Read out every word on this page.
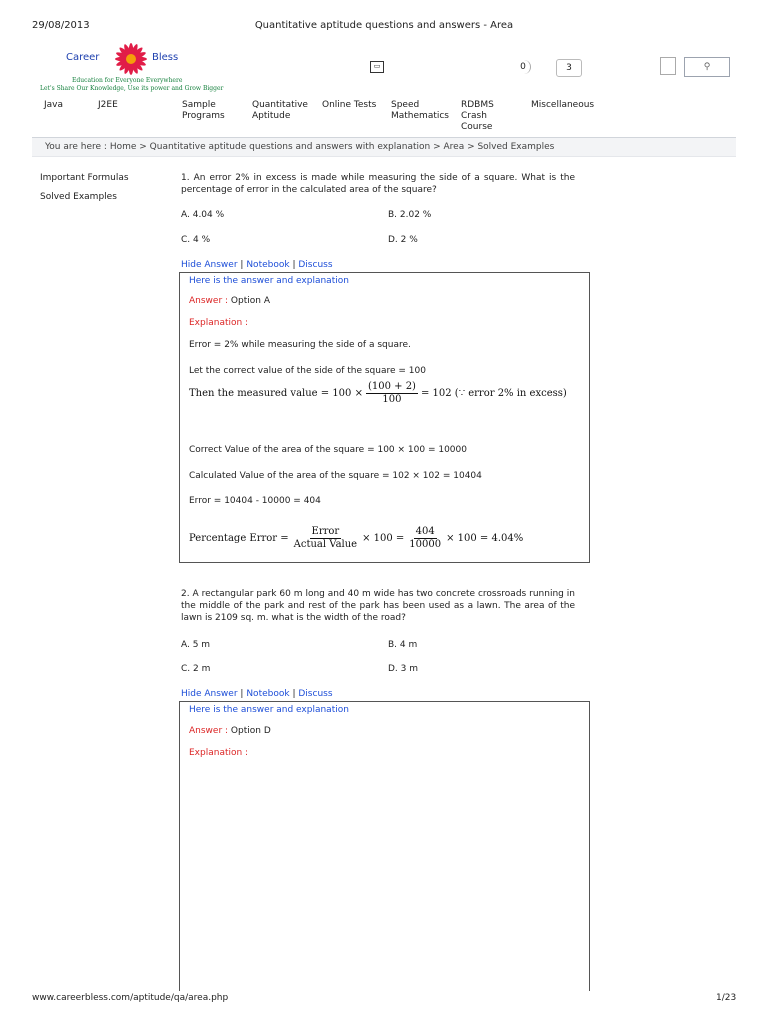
29/08/2013	Quantitative aptitude questions and answers - Area
www.careerbless.com/aptitude/qa/area.php	1/23
Career	Bless
Education for Everyone Everywhere
Let's Share Our Knowledge, Use its power and Grow Bigger
▭	0	3	⚲
Java	J2EE	Sample Programs
Quantitative Aptitude
Online Tests Speed Mathematics
RDBMS Crash Course
Miscellaneous
You are here : Home > Quantitative aptitude questions and answers with explanation > Area > Solved Examples
Important Formulas
Solved Examples
1. An error 2% in excess is made while measuring the side of a square. What is the percentage of error in the calculated area of the square?
A. 4.04 %	B. 2.02 %
C. 4 %	D. 2 %
Hide Answer | Notebook | Discuss
Here is the answer and explanation
Answer : Option A
Explanation :
Error = 2% while measuring the side of a square.
Let the correct value of the side of the square = 100
Then the measured value = $100 \times \frac{(100 + 2)}{100} = 102$ (∵ error 2% in excess)
Correct Value of the area of the square = 100 × 100 = 10000
Calculated Value of the area of the square = 102 × 102 = 10404
Error = 10404 - 10000 = 404
Percentage Error = $\frac{\text{Error}}{\text{Actual Value}} \times 100 = \frac{404}{10000} \times 100 = 4.04\%$
2. A rectangular park 60 m long and 40 m wide has two concrete crossroads running in the middle of the park and rest of the park has been used as a lawn. The area of the lawn is 2109 sq. m. what is the width of the road?
A. 5 m	B. 4 m
C. 2 m	D. 3 m
Hide Answer | Notebook | Discuss
Here is the answer and explanation
Answer : Option D
Explanation :
